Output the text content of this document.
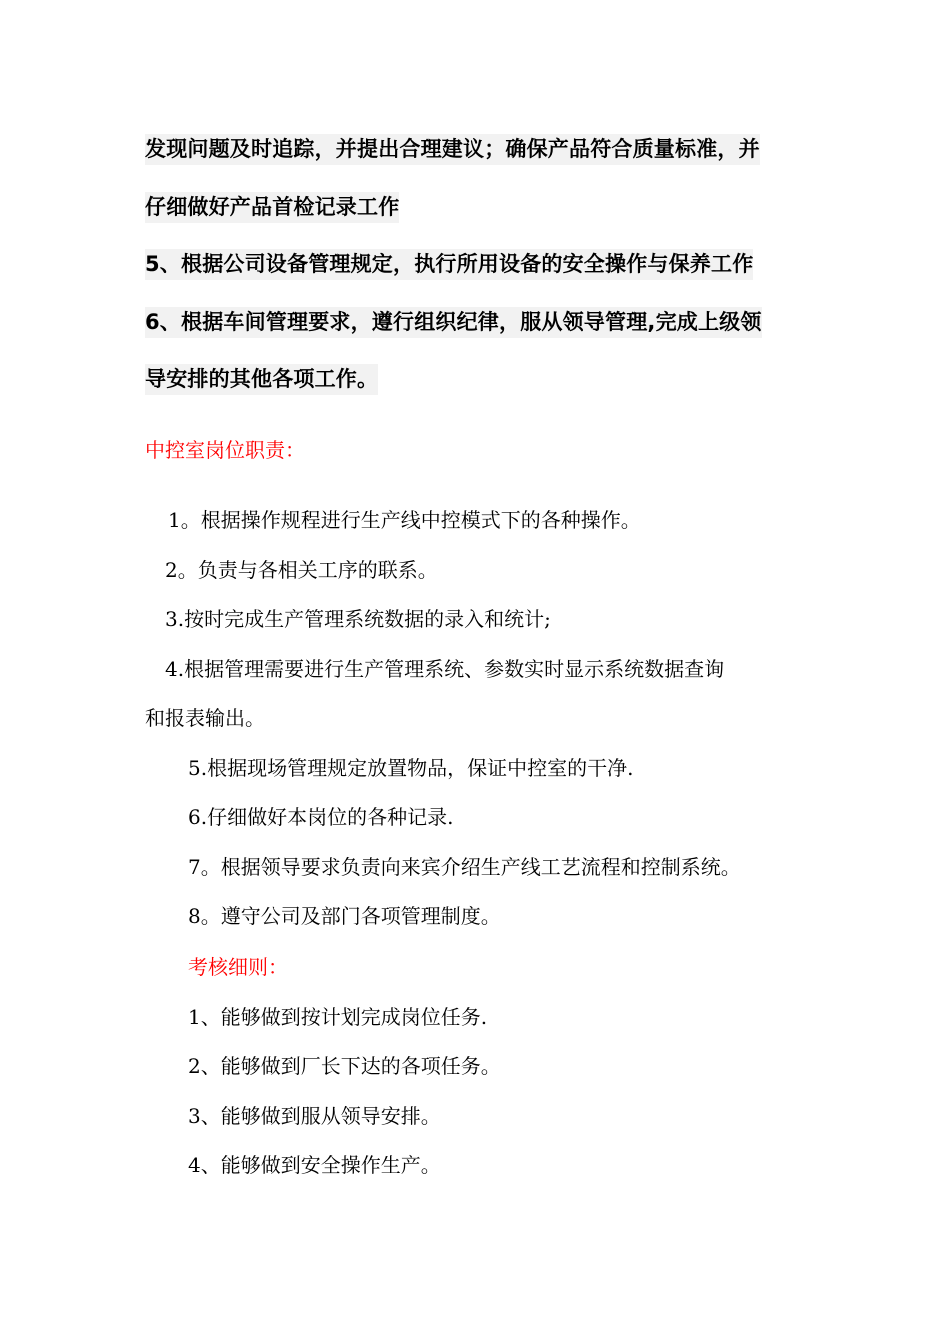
发现问题及时追踪，并提出合理建议；确保产品符合质量标准，并
仔细做好产品首检记录工作
5、根据公司设备管理规定，执行所用设备的安全操作与保养工作
6、根据车间管理要求，遵行组织纪律，服从领导管理,完成上级领
导安排的其他各项工作。
中控室岗位职责：
1。根据操作规程进行生产线中控模式下的各种操作。
2。负责与各相关工序的联系。
3.按时完成生产管理系统数据的录入和统计;
4.根据管理需要进行生产管理系统、参数实时显示系统数据查询
和报表输出。
5.根据现场管理规定放置物品，保证中控室的干净.
6.仔细做好本岗位的各种记录.
7。根据领导要求负责向来宾介绍生产线工艺流程和控制系统。
8。遵守公司及部门各项管理制度。
考核细则：
1、能够做到按计划完成岗位任务.
2、能够做到厂长下达的各项任务。
3、能够做到服从领导安排。
4、能够做到安全操作生产。
